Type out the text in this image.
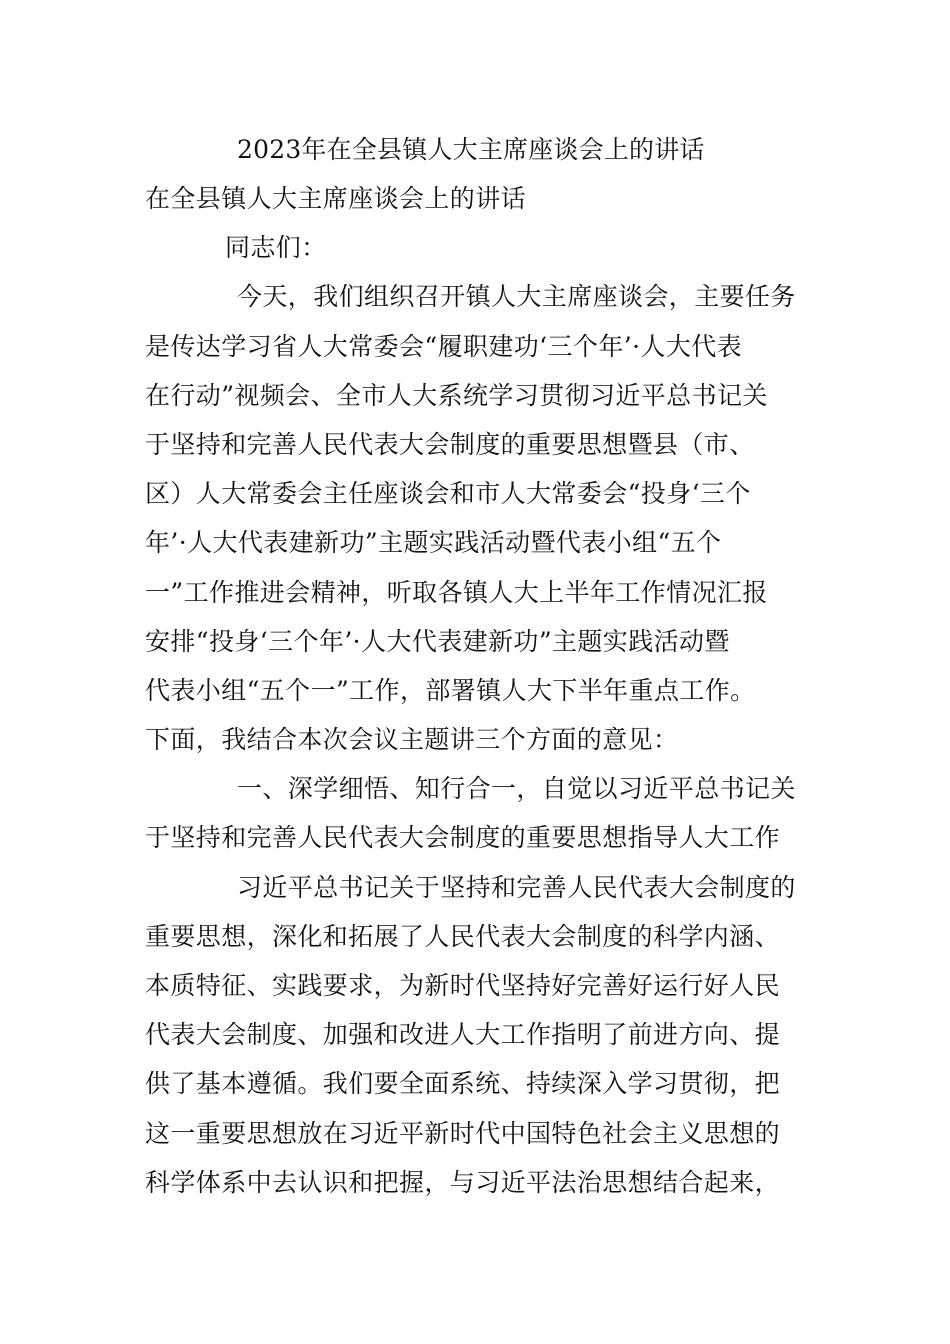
2023年在全县镇人大主席座谈会上的讲话
在全县镇人大主席座谈会上的讲话
同志们：
今天，我们组织召开镇人大主席座谈会，主要任务
是传达学习省人大常委会“履职建功‘三个年’·人大代表
在行动”视频会、全市人大系统学习贯彻习近平总书记关
于坚持和完善人民代表大会制度的重要思想暨县（市、
区）人大常委会主任座谈会和市人大常委会“投身‘三个
年’·人大代表建新功”主题实践活动暨代表小组“五个
一”工作推进会精神，听取各镇人大上半年工作情况汇报
安排“投身‘三个年’·人大代表建新功”主题实践活动暨
代表小组“五个一”工作，部署镇人大下半年重点工作。
下面，我结合本次会议主题讲三个方面的意见：
一、深学细悟、知行合一，自觉以习近平总书记关
于坚持和完善人民代表大会制度的重要思想指导人大工作
习近平总书记关于坚持和完善人民代表大会制度的
重要思想，深化和拓展了人民代表大会制度的科学内涵、
本质特征、实践要求，为新时代坚持好完善好运行好人民
代表大会制度、加强和改进人大工作指明了前进方向、提
供了基本遵循。我们要全面系统、持续深入学习贯彻，把
这一重要思想放在习近平新时代中国特色社会主义思想的
科学体系中去认识和把握，与习近平法治思想结合起来，
